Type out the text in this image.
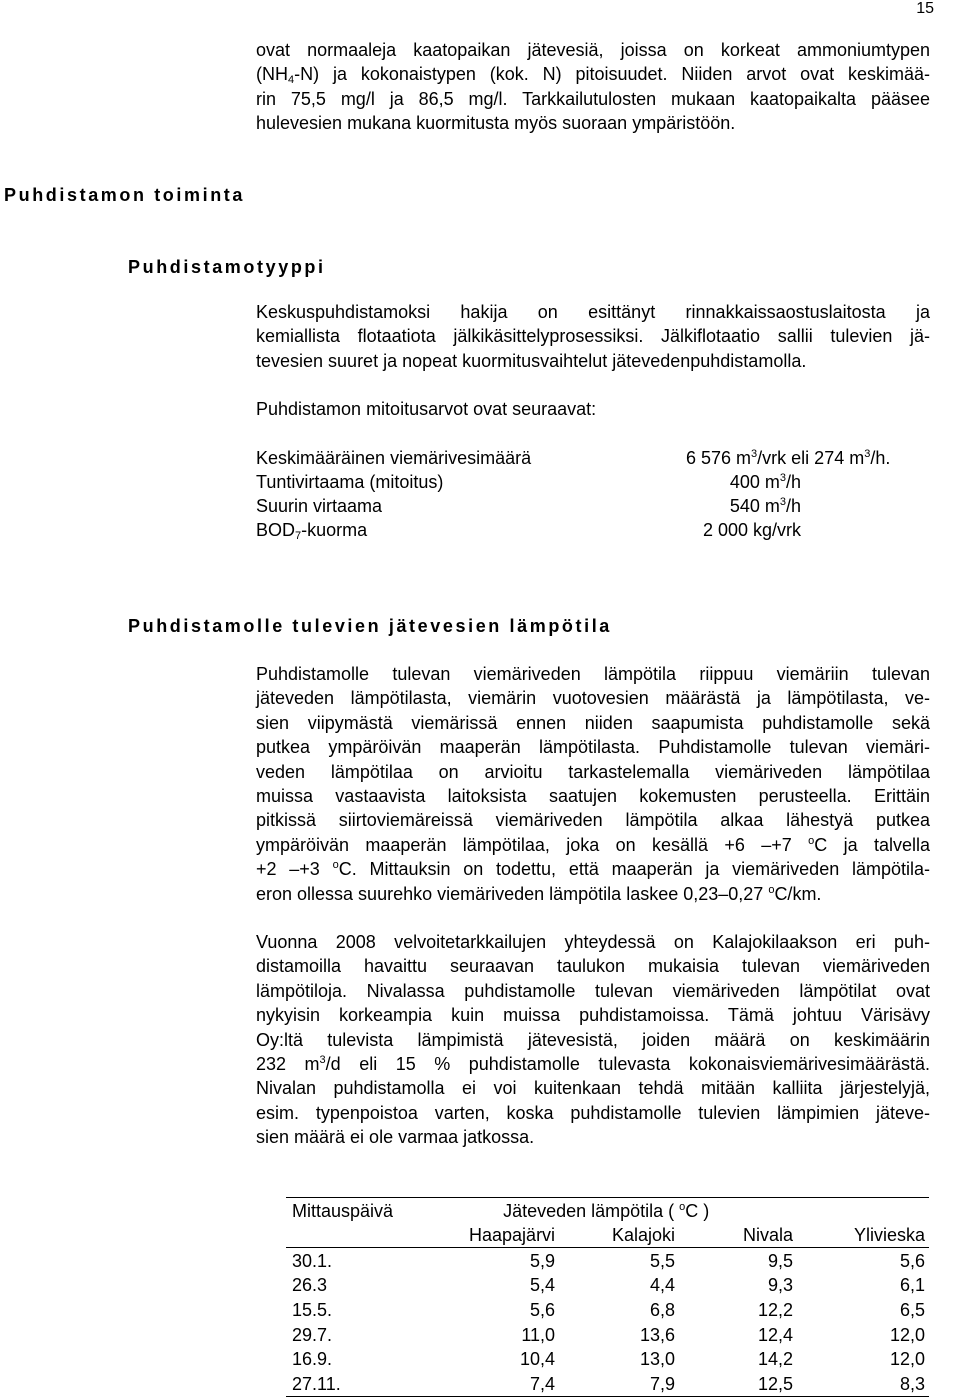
15
ovat normaaleja kaatopaikan jätevesiä, joissa on korkeat ammoniumtypen
$(NH_4-N)$ ja kokonaistypen (kok. N) pitoisuudet. Niiden arvot ovat keskimää-
rin 75,5 mg/l ja 86,5 mg/l. Tarkkailutulosten mukaan kaatopaikalta pääsee
hulevesien mukana kuormitusta myös suoraan ympäristöön.
Puhdistamon toiminta
Puhdistamotyyppi
Keskuspuhdistamoksi hakija on esittänyt rinnakkaissaostuslaitosta ja
kemiallista flotaatiota jälkikäsittelyprosessiksi. Jälkiflotaatio sallii tulevien jä-
tevesien suuret ja nopeat kuormitusvaihtelut jätevedenpuhdistamolla.
Puhdistamon mitoitusarvot ovat seuraavat:
Keskimääräinen viemärivesimäärä	6 576 $m^3$/vrk eli 274 $m^3/h$.
Tuntivirtaama (mitoitus)	400 $m^3/h$
Suurin virtaama	540 $m^3/h$
$BOD_7$-kuorma	2 000 kg/vrk
Puhdistamolle tulevien jätevesien lämpötila
Puhdistamolle tulevan viemäriveden lämpötila riippuu viemäriin tulevan
jäteveden lämpötilasta, viemärin vuotovesien määrästä ja lämpötilasta, ve-
sien viipymästä viemärissä ennen niiden saapumista puhdistamolle sekä
putkea ympäröivän maaperän lämpötilasta. Puhdistamolle tulevan viemäri-
veden lämpötilaa on arvioitu tarkastelemalla viemäriveden lämpötilaa
muissa vastaavista laitoksista saatujen kokemusten perusteella. Erittäin
pitkissä siirtoviemäreissä viemäriveden lämpötila alkaa lähestyä putkea
ympäröivän maaperän lämpötilaa, joka on kesällä +6 –+7 $^o$C ja talvella
+2 –+3 $^o$C. Mittauksin on todettu, että maaperän ja viemäriveden lämpötila-
eron ollessa suurehko viemäriveden lämpötila laskee 0,23–0,27 $^o$C/km.
Vuonna 2008 velvoitetarkkailujen yhteydessä on Kalajokilaakson eri puh-
distamoilla havaittu seuraavan taulukon mukaisia tulevan viemäriveden
lämpötiloja. Nivalassa puhdistamolle tulevan viemäriveden lämpötilat ovat
nykyisin korkeampia kuin muissa puhdistamoissa. Tämä johtuu Värisävy
Oy:ltä tulevista lämpimistä jätevesistä, joiden määrä on keskimäärin
232 $m^3/d$ eli 15 % puhdistamolle tulevasta kokonaisviemärivesimäärästä.
Nivalan puhdistamolla ei voi kuitenkaan tehdä mitään kalliita järjestelyjä,
esim. typenpoistoa varten, koska puhdistamolle tulevien lämpimien jäteve-
sien määrä ei ole varmaa jatkossa.
Mittauspäivä	Jäteveden lämpötila ( $^o$C )			
	Haapajärvi	Kalajoki	Nivala	Ylivieska
30.1.	5,9	5,5	9,5	5,6
26.3	5,4	4,4	9,3	6,1
15.5.	5,6	6,8	12,2	6,5
29.7.	11,0	13,6	12,4	12,0
16.9.	10,4	13,0	14,2	12,0
27.11.	7,4	7,9	12,5	8,3
